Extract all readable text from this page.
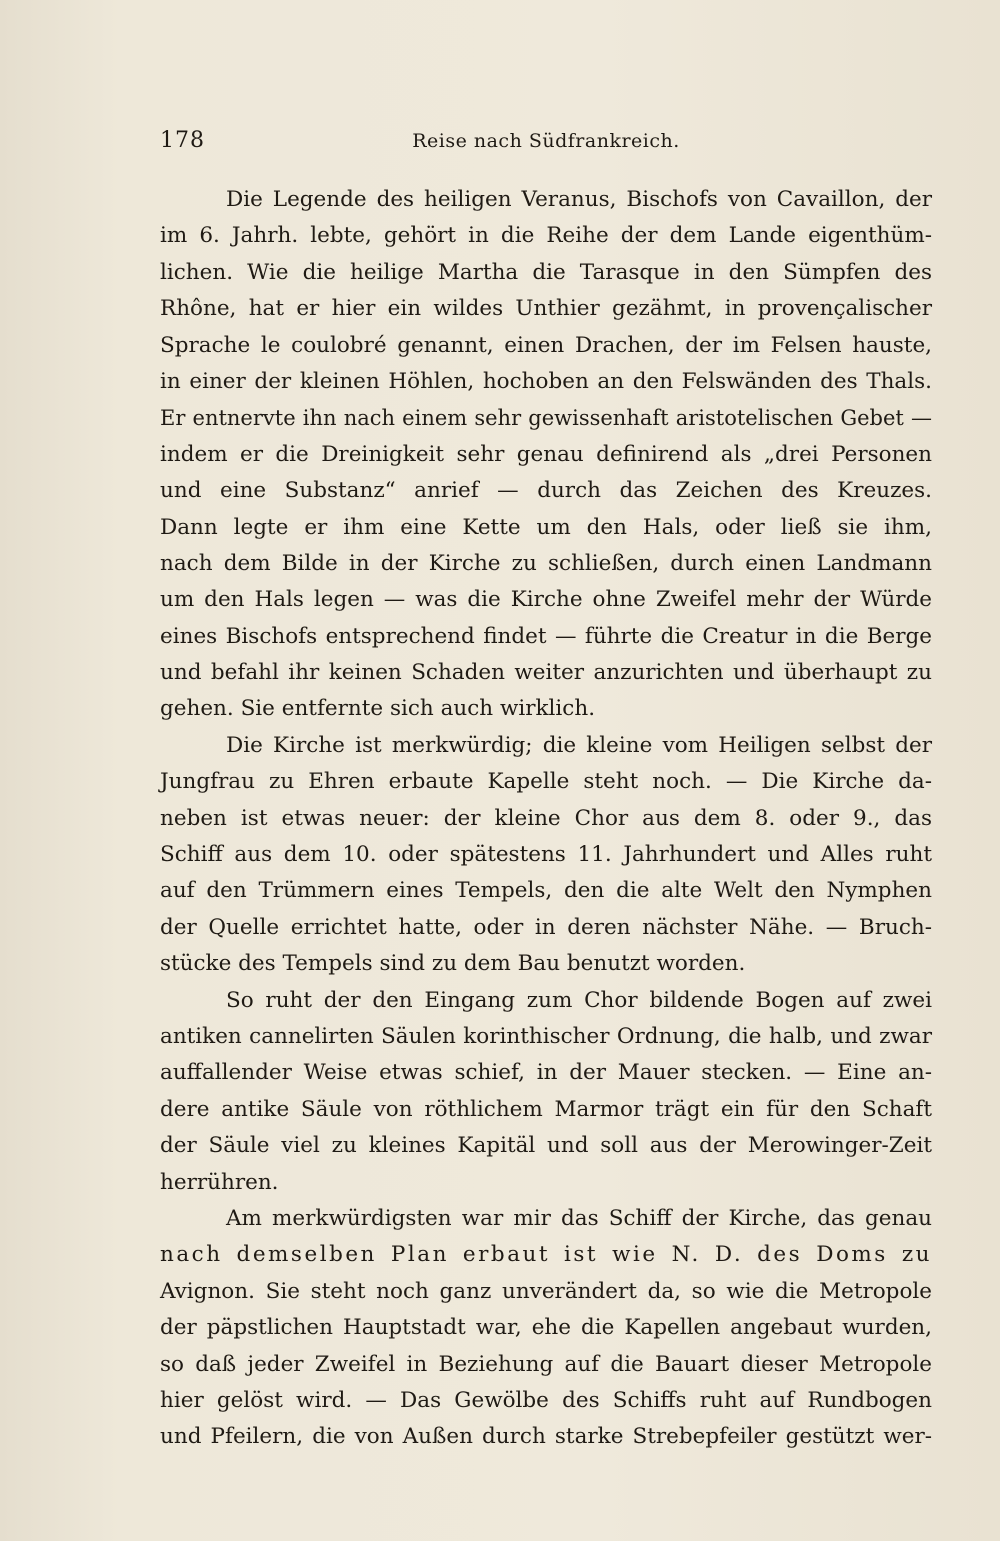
178	Reise nach Südfrankreich.
Die Legende des heiligen Veranus, Bischofs von Cavaillon, der
im 6. Jahrh. lebte, gehört in die Reihe der dem Lande eigenthüm-
lichen. Wie die heilige Martha die Tarasque in den Sümpfen des
Rhône, hat er hier ein wildes Unthier gezähmt, in provençalischer
Sprache le coulobré genannt, einen Drachen, der im Felsen hauste,
in einer der kleinen Höhlen, hochoben an den Felswänden des Thals.
Er entnervte ihn nach einem sehr gewissenhaft aristotelischen Gebet —
indem er die Dreinigkeit sehr genau definirend als „drei Personen
und eine Substanz“ anrief — durch das Zeichen des Kreuzes.
Dann legte er ihm eine Kette um den Hals, oder ließ sie ihm,
nach dem Bilde in der Kirche zu schließen, durch einen Landmann
um den Hals legen — was die Kirche ohne Zweifel mehr der Würde
eines Bischofs entsprechend findet — führte die Creatur in die Berge
und befahl ihr keinen Schaden weiter anzurichten und überhaupt zu
gehen. Sie entfernte sich auch wirklich.
Die Kirche ist merkwürdig; die kleine vom Heiligen selbst der
Jungfrau zu Ehren erbaute Kapelle steht noch. — Die Kirche da-
neben ist etwas neuer: der kleine Chor aus dem 8. oder 9., das
Schiff aus dem 10. oder spätestens 11. Jahrhundert und Alles ruht
auf den Trümmern eines Tempels, den die alte Welt den Nymphen
der Quelle errichtet hatte, oder in deren nächster Nähe. — Bruch-
stücke des Tempels sind zu dem Bau benutzt worden.
So ruht der den Eingang zum Chor bildende Bogen auf zwei
antiken cannelirten Säulen korinthischer Ordnung, die halb, und zwar
auffallender Weise etwas schief, in der Mauer stecken. — Eine an-
dere antike Säule von röthlichem Marmor trägt ein für den Schaft
der Säule viel zu kleines Kapitäl und soll aus der Merowinger-Zeit
herrühren.
Am merkwürdigsten war mir das Schiff der Kirche, das genau
nach demselben Plan erbaut ist wie N. D. des Doms zu
Avignon. Sie steht noch ganz unverändert da, so wie die Metropole
der päpstlichen Hauptstadt war, ehe die Kapellen angebaut wurden,
so daß jeder Zweifel in Beziehung auf die Bauart dieser Metropole
hier gelöst wird. — Das Gewölbe des Schiffs ruht auf Rundbogen
und Pfeilern, die von Außen durch starke Strebepfeiler gestützt wer-
